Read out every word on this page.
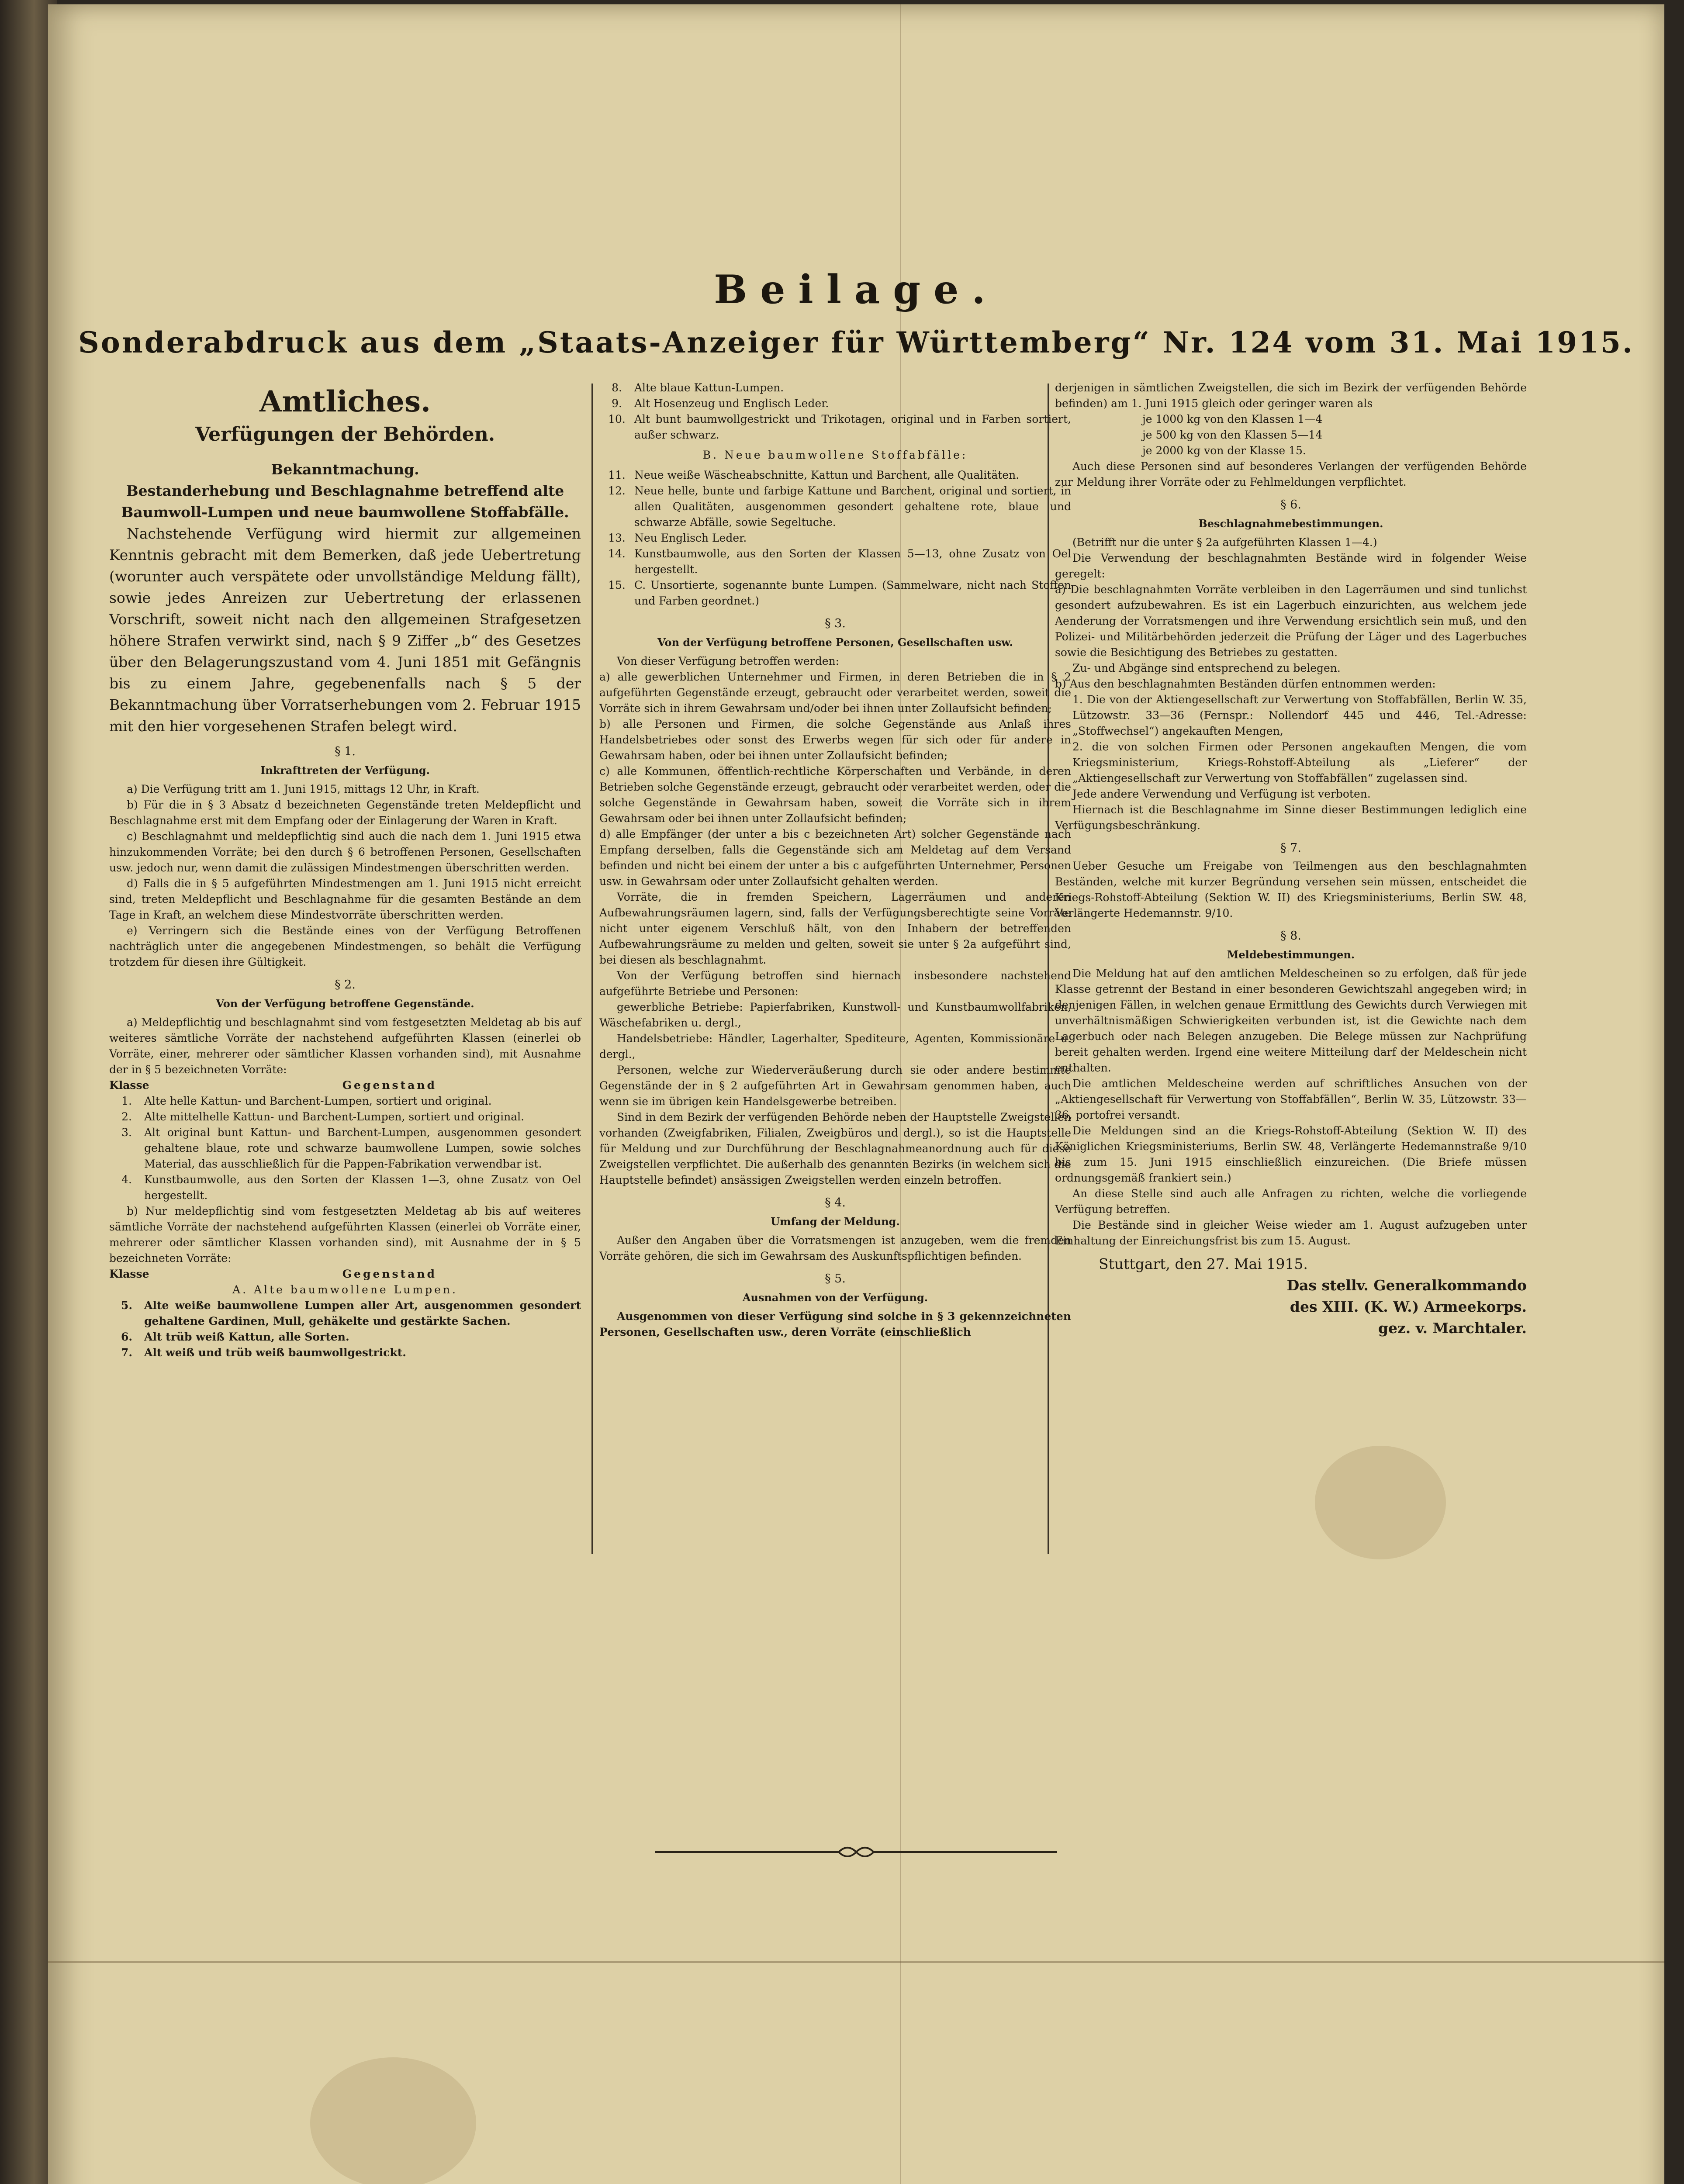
Beilage.
Sonderabdruck aus dem „Staats-Anzeiger für Württemberg“ Nr. 124 vom 31. Mai 1915.
Amtliches.
Verfügungen der Behörden.
Bekanntmachung.
Bestanderhebung und Beschlagnahme betreffend alte Baumwoll-Lumpen und neue baumwollene Stoffabfälle.

Nachstehende Verfügung wird hiermit zur allgemeinen Kenntnis gebracht mit dem Bemerken, daß jede Uebertretung (worunter auch verspätete oder unvollständige Meldung fällt), sowie jedes Anreizen zur Uebertretung der erlassenen Vorschrift, soweit nicht nach den allgemeinen Strafgesetzen höhere Strafen verwirkt sind, nach § 9 Ziffer „b“ des Gesetzes über den Belagerungszustand vom 4. Juni 1851 mit Gefängnis bis zu einem Jahre, gegebenenfalls nach § 5 der Bekanntmachung über Vorratserhebungen vom 2. Februar 1915 mit den hier vorgesehenen Strafen belegt wird.

§ 1.
Inkrafttreten der Verfügung.

a) Die Verfügung tritt am 1. Juni 1915, mittags 12 Uhr, in Kraft.

b) Für die in § 3 Absatz d bezeichneten Gegenstände treten Meldepflicht und Beschlagnahme erst mit dem Empfang oder der Einlagerung der Waren in Kraft.

c) Beschlagnahmt und meldepflichtig sind auch die nach dem 1. Juni 1915 etwa hinzukommenden Vorräte; bei den durch § 6 betroffenen Personen, Gesellschaften usw. jedoch nur, wenn damit die zulässigen Mindestmengen überschritten werden.

d) Falls die in § 5 aufgeführten Mindestmengen am 1. Juni 1915 nicht erreicht sind, treten Meldepflicht und Beschlagnahme für die gesamten Bestände an dem Tage in Kraft, an welchem diese Mindestvorräte überschritten werden.

e) Verringern sich die Bestände eines von der Verfügung Betroffenen nachträglich unter die angegebenen Mindestmengen, so behält die Verfügung trotzdem für diesen ihre Gültigkeit.

§ 2.
Von der Verfügung betroffene Gegenstände.

a) Meldepflichtig und beschlagnahmt sind vom festgesetzten Meldetag ab bis auf weiteres sämtliche Vorräte der nachstehend aufgeführten Klassen (einerlei ob Vorräte, einer, mehrerer oder sämtlicher Klassen vorhanden sind), mit Ausnahme der in § 5 bezeichneten Vorräte:

Klasse	Gegenstand
1.	Alte helle Kattun- und Barchent-Lumpen, sortiert und original.
2.	Alte mittelhelle Kattun- und Barchent-Lumpen, sortiert und original.
3.	Alt original bunt Kattun- und Barchent-Lumpen, ausgenommen gesondert gehaltene blaue, rote und schwarze baumwollene Lumpen, sowie solches Material, das ausschließlich für die Pappen-Fabrikation verwendbar ist.
4.	Kunstbaumwolle, aus den Sorten der Klassen 1—3, ohne Zusatz von Oel hergestellt.

b) Nur meldepflichtig sind vom festgesetzten Meldetag ab bis auf weiteres sämtliche Vorräte der nachstehend aufgeführten Klassen (einerlei ob Vorräte einer, mehrerer oder sämtlicher Klassen vorhanden sind), mit Ausnahme der in § 5 bezeichneten Vorräte:

Klasse	Gegenstand
A. Alte baumwollene Lumpen.
5.	Alte weiße baumwollene Lumpen aller Art, ausgenommen gesondert gehaltene Gardinen, Mull, gehäkelte und gestärkte Sachen.
6.	Alt trüb weiß Kattun, alle Sorten.
7.	Alt weiß und trüb weiß baumwollgestrickt.
8.	Alte blaue Kattun-Lumpen.
9.	Alt Hosenzeug und Englisch Leder.
10. Alt bunt baumwollgestrickt und Trikotagen, original und in Farben sortiert, außer schwarz.
B. Neue baumwollene Stoffabfälle:
11. Neue weiße Wäscheabschnitte, Kattun und Barchent, alle Qualitäten.
12. Neue helle, bunte und farbige Kattune und Barchent, original und sortiert, in allen Qualitäten, ausgenommen gesondert gehaltene rote, blaue und schwarze Abfälle, sowie Segeltuche.
13. Neu Englisch Leder.
14. Kunstbaumwolle, aus den Sorten der Klassen 5—13, ohne Zusatz von Oel hergestellt.
15. C. Unsortierte, sogenannte bunte Lumpen. (Sammelware, nicht nach Stoffen und Farben geordnet.)
§ 3.
Von der Verfügung betroffene Personen, Gesellschaften usw.

Von dieser Verfügung betroffen werden:

a) alle gewerblichen Unternehmer und Firmen, in deren Betrieben die in § 2 aufgeführten Gegenstände erzeugt, gebraucht oder verarbeitet werden, soweit die Vorräte sich in ihrem Gewahrsam und/oder bei ihnen unter Zollaufsicht befinden;

b) alle Personen und Firmen, die solche Gegenstände aus Anlaß ihres Handelsbetriebes oder sonst des Erwerbs wegen für sich oder für andere in Gewahrsam haben, oder bei ihnen unter Zollaufsicht befinden;

c) alle Kommunen, öffentlich-rechtliche Körperschaften und Verbände, in deren Betrieben solche Gegenstände erzeugt, gebraucht oder verarbeitet werden, oder die solche Gegenstände in Gewahrsam haben, soweit die Vorräte sich in ihrem Gewahrsam oder bei ihnen unter Zollaufsicht befinden;

d) alle Empfänger (der unter a bis c bezeichneten Art) solcher Gegenstände nach Empfang derselben, falls die Gegenstände sich am Meldetag auf dem Versand befinden und nicht bei einem der unter a bis c aufgeführten Unternehmer, Personen usw. in Gewahrsam oder unter Zollaufsicht gehalten werden.

Vorräte, die in fremden Speichern, Lagerräumen und anderen Aufbewahrungsräumen lagern, sind, falls der Verfügungsberechtigte seine Vorräte nicht unter eigenem Verschluß hält, von den Inhabern der betreffenden Aufbewahrungsräume zu melden und gelten, soweit sie unter § 2a aufgeführt sind, bei diesen als beschlagnahmt.

Von der Verfügung betroffen sind hiernach insbesondere nachstehend aufgeführte Betriebe und Personen:

gewerbliche Betriebe: Papierfabriken, Kunstwoll- und Kunstbaumwollfabriken, Wäschefabriken u. dergl.,

Handelsbetriebe: Händler, Lagerhalter, Spediteure, Agenten, Kommissionäre u. dergl.,

Personen, welche zur Wiederveräußerung durch sie oder andere bestimmte Gegenstände der in § 2 aufgeführten Art in Gewahrsam genommen haben, auch wenn sie im übrigen kein Handelsgewerbe betreiben.

Sind in dem Bezirk der verfügenden Behörde neben der Hauptstelle Zweigstellen vorhanden (Zweigfabriken, Filialen, Zweigbüros und dergl.), so ist die Hauptstelle für Meldung und zur Durchführung der Beschlagnahmeanordnung auch für diese Zweigstellen verpflichtet. Die außerhalb des genannten Bezirks (in welchem sich die Hauptstelle befindet) ansässigen Zweigstellen werden einzeln betroffen.

§ 4.
Umfang der Meldung.

Außer den Angaben über die Vorratsmengen ist anzugeben, wem die fremden Vorräte gehören, die sich im Gewahrsam des Auskunftspflichtigen befinden.

§ 5.
Ausnahmen von der Verfügung.

Ausgenommen von dieser Verfügung sind solche in § 3 gekennzeichneten Personen, Gesellschaften usw., deren Vorräte (einschließlich

derjenigen in sämtlichen Zweigstellen, die sich im Bezirk der verfügenden Behörde befinden) am 1. Juni 1915 gleich oder geringer waren als

je 1000 kg von den Klassen 1—4
je 500 kg von den Klassen 5—14
je 2000 kg von der Klasse 15.

Auch diese Personen sind auf besonderes Verlangen der verfügenden Behörde zur Meldung ihrer Vorräte oder zu Fehlmeldungen verpflichtet.

§ 6.
Beschlagnahmebestimmungen.

(Betrifft nur die unter § 2a aufgeführten Klassen 1—4.)

Die Verwendung der beschlagnahmten Bestände wird in folgender Weise geregelt:

a) Die beschlagnahmten Vorräte verbleiben in den Lagerräumen und sind tunlichst gesondert aufzubewahren. Es ist ein Lagerbuch einzurichten, aus welchem jede Aenderung der Vorratsmengen und ihre Verwendung ersichtlich sein muß, und den Polizei- und Militärbehörden jederzeit die Prüfung der Läger und des Lagerbuches sowie die Besichtigung des Betriebes zu gestatten.

Zu- und Abgänge sind entsprechend zu belegen.

b) Aus den beschlagnahmten Beständen dürfen entnommen werden:

1. Die von der Aktiengesellschaft zur Verwertung von Stoffabfällen, Berlin W. 35, Lützowstr. 33—36 (Fernspr.: Nollendorf 445 und 446, Tel.-Adresse: „Stoffwechsel“) angekauften Mengen,

2. die von solchen Firmen oder Personen angekauften Mengen, die vom Kriegsministerium, Kriegs-Rohstoff-Abteilung als „Lieferer“ der „Aktiengesellschaft zur Verwertung von Stoffabfällen“ zugelassen sind.

Jede andere Verwendung und Verfügung ist verboten.

Hiernach ist die Beschlagnahme im Sinne dieser Bestimmungen lediglich eine Verfügungsbeschränkung.

§ 7.

Ueber Gesuche um Freigabe von Teilmengen aus den beschlagnahmten Beständen, welche mit kurzer Begründung versehen sein müssen, entscheidet die Kriegs-Rohstoff-Abteilung (Sektion W. II) des Kriegsministeriums, Berlin SW. 48, Verlängerte Hedemannstr. 9/10.

§ 8.
Meldebestimmungen.

Die Meldung hat auf den amtlichen Meldescheinen so zu erfolgen, daß für jede Klasse getrennt der Bestand in einer besonderen Gewichtszahl angegeben wird; in denjenigen Fällen, in welchen genaue Ermittlung des Gewichts durch Verwiegen mit unverhältnismäßigen Schwierigkeiten verbunden ist, ist die Gewichte nach dem Lagerbuch oder nach Belegen anzugeben. Die Belege müssen zur Nachprüfung bereit gehalten werden. Irgend eine weitere Mitteilung darf der Meldeschein nicht enthalten.

Die amtlichen Meldescheine werden auf schriftliches Ansuchen von der „Aktiengesellschaft für Verwertung von Stoffabfällen“, Berlin W. 35, Lützowstr. 33—36, portofrei versandt.

Die Meldungen sind an die Kriegs-Rohstoff-Abteilung (Sektion W. II) des Königlichen Kriegsministeriums, Berlin SW. 48, Verlängerte Hedemannstraße 9/10 bis zum 15. Juni 1915 einschließlich einzureichen. (Die Briefe müssen ordnungsgemäß frankiert sein.)

An diese Stelle sind auch alle Anfragen zu richten, welche die vorliegende Verfügung betreffen.

Die Bestände sind in gleicher Weise wieder am 1. August aufzugeben unter Einhaltung der Einreichungsfrist bis zum 15. August.

Stuttgart, den 27. Mai 1915.
Das stellv. Generalkommando
des XIII. (K. W.) Armeekorps.
gez. v. Marchtaler.
